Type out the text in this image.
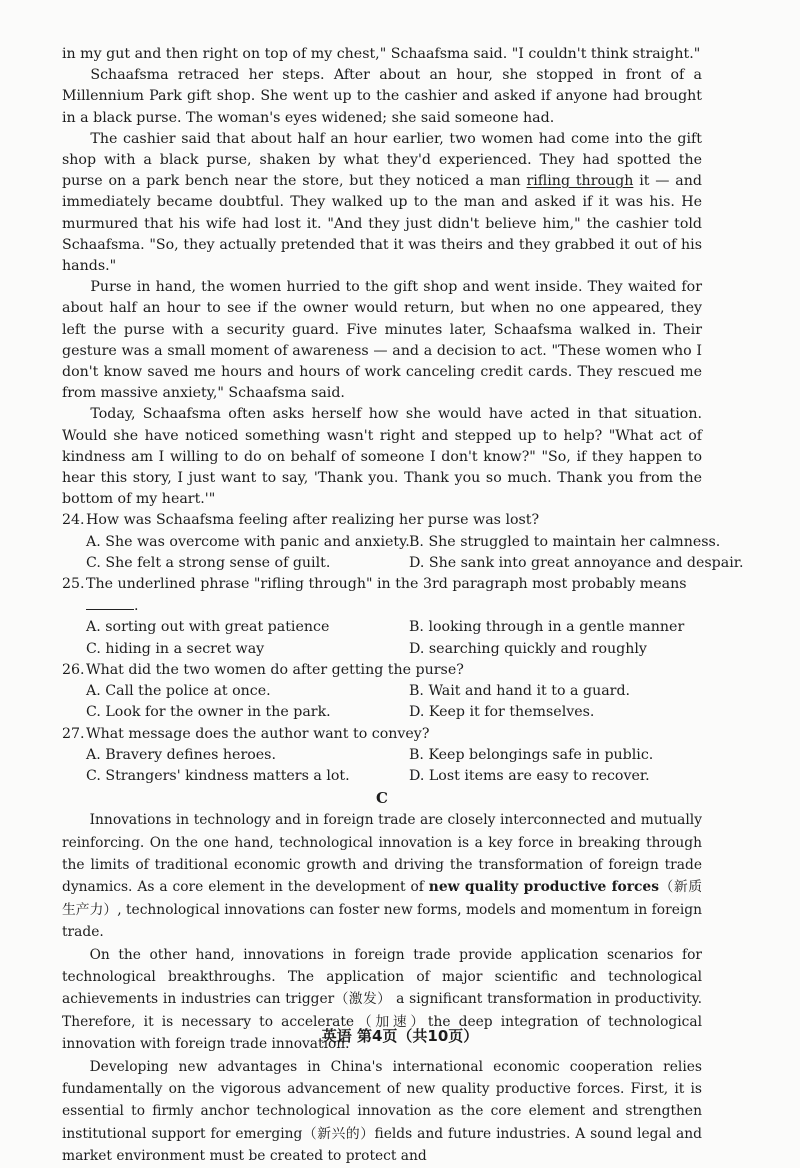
in my gut and then right on top of my chest," Schaafsma said. "I couldn't think straight."

Schaafsma retraced her steps. After about an hour, she stopped in front of a Millennium Park gift shop. She went up to the cashier and asked if anyone had brought in a black purse. The woman's eyes widened; she said someone had.

The cashier said that about half an hour earlier, two women had come into the gift shop with a black purse, shaken by what they'd experienced. They had spotted the purse on a park bench near the store, but they noticed a man rifling through it — and immediately became doubtful. They walked up to the man and asked if it was his. He murmured that his wife had lost it. "And they just didn't believe him," the cashier told Schaafsma. "So, they actually pretended that it was theirs and they grabbed it out of his hands."

Purse in hand, the women hurried to the gift shop and went inside. They waited for about half an hour to see if the owner would return, but when no one appeared, they left the purse with a security guard. Five minutes later, Schaafsma walked in. Their gesture was a small moment of awareness — and a decision to act. "These women who I don't know saved me hours and hours of work canceling credit cards. They rescued me from massive anxiety," Schaafsma said.

Today, Schaafsma often asks herself how she would have acted in that situation. Would she have noticed something wasn't right and stepped up to help? "What act of kindness am I willing to do on behalf of someone I don't know?" "So, if they happen to hear this story, I just want to say, 'Thank you. Thank you so much. Thank you from the bottom of my heart.'"

24. How was Schaafsma feeling after realizing her purse was lost?
A. She was overcome with panic and anxiety. B. She struggled to maintain her calmness.
C. She felt a strong sense of guilt.	D. She sank into great annoyance and despair.
25. The underlined phrase "rifling through" in the 3rd paragraph most probably means .
A. sorting out with great patience	B. looking through in a gentle manner
C. hiding in a secret way	D. searching quickly and roughly
26. What did the two women do after getting the purse?
A. Call the police at once.	B. Wait and hand it to a guard.
C. Look for the owner in the park.	D. Keep it for themselves.
27. What message does the author want to convey?
A. Bravery defines heroes.	B. Keep belongings safe in public.
C. Strangers' kindness matters a lot.	D. Lost items are easy to recover.

C

Innovations in technology and in foreign trade are closely interconnected and mutually reinforcing. On the one hand, technological innovation is a key force in breaking through the limits of traditional economic growth and driving the transformation of foreign trade dynamics. As a core element in the development of new quality productive forces（新质生产力）, technological innovations can foster new forms, models and momentum in foreign trade.

On the other hand, innovations in foreign trade provide application scenarios for technological breakthroughs. The application of major scientific and technological achievements in industries can trigger（激发） a significant transformation in productivity. Therefore, it is necessary to accelerate（加速）the deep integration of technological innovation with foreign trade innovation.

Developing new advantages in China's international economic cooperation relies fundamentally on the vigorous advancement of new quality productive forces. First, it is essential to firmly anchor technological innovation as the core element and strengthen institutional support for emerging（新兴的）fields and future industries. A sound legal and market environment must be created to protect and

英语 第4页（共10页）
